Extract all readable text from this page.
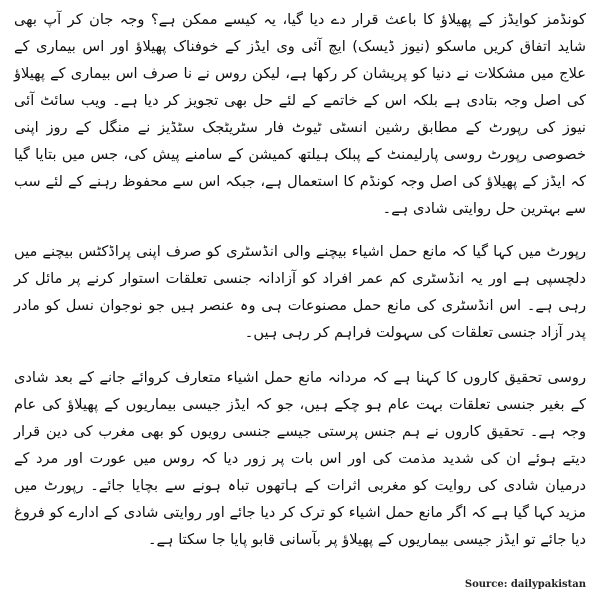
کونڈمز کوایڈز کے پھیلاؤ کا باعث قرار دے دیا گیا، یہ کیسے ممکن ہے؟ وجہ جان کر آپ بھی شاید اتفاق کریں ماسکو (نیوز ڈیسک) ایچ آئی وی ایڈز کے خوفناک پھیلاؤ اور اس بیماری کے علاج میں مشکلات نے دنیا کو پریشان کر رکھا ہے، لیکن روس نے نا صرف اس بیماری کے پھیلاؤ کی اصل وجہ بتادی ہے بلکہ اس کے خاتمے کے لئے حل بھی تجویز کر دیا ہے۔ ویب سائٹ آئی نیوز کی رپورٹ کے مطابق رشین انسٹی ٹیوٹ فار سٹریٹجک سٹڈیز نے منگل کے روز اپنی خصوصی رپورٹ روسی پارلیمنٹ کے پبلک ہیلتھ کمیشن کے سامنے پیش کی، جس میں بتایا گیا کہ ایڈز کے پھیلاؤ کی اصل وجہ کونڈم کا استعمال ہے، جبکہ اس سے محفوظ رہنے کے لئے سب سے بہترین حل روایتی شادی ہے۔

رپورٹ میں کہا گیا کہ مانع حمل اشیاء بیچنے والی انڈسٹری کو صرف اپنی پراڈکٹس بیچنے میں دلچسپی ہے اور یہ انڈسٹری کم عمر افراد کو آزادانہ جنسی تعلقات استوار کرنے پر مائل کر رہی ہے۔ اس انڈسٹری کی مانع حمل مصنوعات ہی وہ عنصر ہیں جو نوجوان نسل کو مادر پدر آزاد جنسی تعلقات کی سہولت فراہم کر رہی ہیں۔

روسی تحقیق کاروں کا کہنا ہے کہ مردانہ مانع حمل اشیاء متعارف کروائے جانے کے بعد شادی کے بغیر جنسی تعلقات بہت عام ہو چکے ہیں، جو کہ ایڈز جیسی بیماریوں کے پھیلاؤ کی عام وجہ ہے۔ تحقیق کاروں نے ہم جنس پرستی جیسے جنسی رویوں کو بھی مغرب کی دین قرار دیتے ہوئے ان کی شدید مذمت کی اور اس بات پر زور دیا کہ روس میں عورت اور مرد کے درمیان شادی کی روایت کو مغربی اثرات کے ہاتھوں تباہ ہونے سے بچایا جائے۔ رپورٹ میں مزید کہا گیا ہے کہ اگر مانع حمل اشیاء کو ترک کر دیا جائے اور روایتی شادی کے ادارے کو فروغ دیا جائے تو ایڈز جیسی بیماریوں کے پھیلاؤ پر بآسانی قابو پایا جا سکتا ہے۔

Source: dailypakistan
